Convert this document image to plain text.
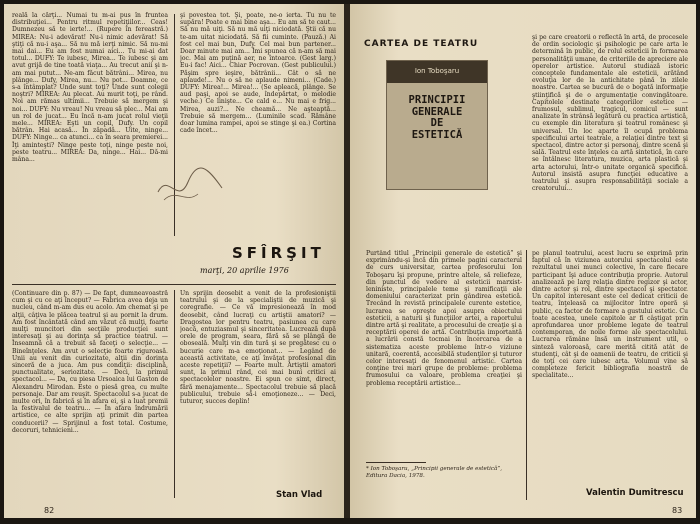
reală la cărţi... Numai tu m-ai pus în fruntea distribuţiei... Pentru ritmul repetiţiilor... Ceas! Dumnezeu să te ierte!... (Rupere în fereastră.) MIREA: Nu-i adevărat! Nu-i nimic adevărat! Să ştiţi că nu-i aşa... Să nu mă ierţi nimic. Să nu-mi mai dai... Eu am fost numai aici... Tu mi-ai dat totul... DUFY: Te iubesc, Mirea... Te iubesc şi am avut grijă de tine toată viaţa... Au trecut anii şi n-am mai putut... Ne-am făcut bătrâni... Mirea, nu plânge... Dufy, Mirea, nu... Nu pot... Doamne, ce s-a întâmplat? Unde sunt toţi? Unde sunt colegii noştri? MIREA: Au plecat. Au murit toţi, pe rând. Noi am rămas ultimii... Trebuie să mergem şi noi... DUFY: Nu vreau! Nu vreau să plec... Mai am un rol de jucat... Eu încă n-am jucat rolul vieţii mele... MIREA: Eşti un copil, Dufy. Un copil bătrân. Hai acasă... În zăpadă... Uite, ninge... DUFY: Ninge... ca atunci... ca în seara premierei... Îţi aminteşti? Ninge peste toţi, ninge peste noi, peste teatru... MIREA: Da, ninge... Hai... Dă-mi mâna...

şi povestea tot. Şi, poate, ne-o ierta. Tu nu te supăra! Poate e mai bine aşa... Eu am să te caut... Să nu mă uiţi. Să nu mă uiţi niciodată. Ştii că nu te-am uitat niciodată. Să fii cuminte. (Pauză.) Ai fost cel mai bun, Dufy. Cel mai bun partener... Doar minute mai am... Îmi spunea că n-am să mai joc. Mai am puţină aer, ne întoarce. (Gest larg.) Eu-i fac! Aici... Chiar Pocrovan. (Gest publicului.) Păşim spre ieşire, bătrânii... Cât o să ne aplaude!... Nu o să ne aplaude nimeni... (Cade.) DUFY: Mirea!... Mirea!... (Se apleacă, plânge. Se aud paşi, apoi se aude, îndepărtat, o melodie veche.) Ce linişte... Ce cald e... Nu mai e frig... Mirea, auzi?... Ne cheamă... Ne aşteaptă... Trebuie să mergem... (Luminile scad. Rămâne doar lumina rampei, apoi se stinge şi ea.) Cortina cade încet...

SFÎRŞIT
marţi, 20 aprilie 1976

(Continuare din p. 87) — De fapt, dumneavoastră cum şi cu ce aţi început? — Fabrica avea deja un nucleu, când m-am dus eu acolo. Am chemat şi pe alţii, câţiva le plăcea teatrul şi au pornit la drum. Am fost încântată când am văzut că mulţi, foarte mulţi muncitori din secţiile producţiei sunt interesaţi şi au dorinţa să practice teatrul. — Înseamnă că a trebuit să faceţi o selecţie... — Bineînţeles. Am avut o selecţie foarte riguroasă. Unii au venit din curiozitate, alţii din dorinţa sinceră de a juca. Am pus condiţii: disciplină, punctualitate, seriozitate. — Deci, la primul spectacol... — Da, cu piesa Ursoaica lui Gaston de Alexandru Mirodan. Este o piesă grea, cu multe personaje. Dar am reuşit. Spectacolul s-a jucat de multe ori, în fabrică şi în afara ei, şi a luat premii la festivalul de teatru... — În afara îndrumării artistice, ce alte sprijin aţi primit din partea conducerii? — Sprijinul a fost total. Costume, decoruri, tehnicieni...

Un sprijin deosebit a venit de la profesioniştii teatrului şi de la specialiştii de muzică şi coregrafie. — Ce vă impresionează în mod deosebit, când lucraţi cu artiştii amatori? — Dragostea lor pentru teatru, pasiunea cu care joacă, entuziasmul şi sinceritatea. Lucrează după orele de program, seara, fără să se plângă de oboseală. Mulţi vin din tură şi se pregătesc cu o bucurie care m-a emoţionat... — Legând de această activitate, ce aţi învăţat profesional din aceste repetiţii? — Foarte mult. Artiştii amatori sunt, la primul rând, cei mai buni critici ai spectacolelor noastre. Ei spun ce simt, direct, fără menajamente... Spectacolul trebuie să placă publicului, trebuie să-i emoţioneze... — Deci, tuturor, succes deplin!

Stan Vlad
82
CARTEA DE TEATRU
Ion Toboşaru
PRINCIPII
GENERALE
DE
ESTETICĂ

şi pe care creatorii o reflectă în artă, de procesele de ordin sociologic şi psihologic pe care arta le determină în public, de rolul esteticii în formarea personalităţii umane, de criteriile de apreciere ale operelor artistice. Autorul studiază istoric conceptele fundamentale ale esteticii, arătând evoluţia lor de la antichitate până în zilele noastre. Cartea se bucură de o bogată informaţie ştiinţifică şi de o argumentaţie convingătoare. Capitolele destinate categoriilor estetice — frumosul, sublimul, tragicul, comicul — sunt analizate în strânsă legătură cu practica artistică, cu exemple din literatura şi teatrul românesc şi universal. Un loc aparte îl ocupă problema specificului artei teatrale, a relaţiei dintre text şi spectacol, dintre actor şi personaj, dintre scenă şi sală. Teatrul este înţeles ca artă sintetică, în care se întâlnesc literatura, muzica, arta plastică şi arta actorului, într-o unitate organică specifică. Autorul insistă asupra funcţiei educative a teatrului şi asupra responsabilităţii sociale a creatorului...

Purtând titlul „Principii generale de estetică” şi exprimându-şi încă din primele pagini caracterul de curs universitar, cartea profesorului Ion Toboşaru îşi propune, printre altele, să reliefeze, din punctul de vedere al esteticii marxist-leniniste, principalele teme şi ramificaţii ale domeniului caracterizat prin gândirea estetică. Trecând în revistă principalele curente estetice, lucrarea se opreşte apoi asupra obiectului esteticii, a naturii şi funcţiilor artei, a raportului dintre artă şi realitate, a procesului de creaţie şi a receptării operei de artă. Contribuţia importantă a lucrării constă tocmai în încercarea de a sistematiza aceste probleme într-o viziune unitară, coerentă, accesibilă studenţilor şi tuturor celor interesaţi de fenomenul artistic. Cartea conţine trei mari grupe de probleme: problema frumosului ca valoare, problema creaţiei şi problema receptării artistice...

pe planul teatrului, acest lucru se exprimă prin faptul că în viziunea autorului spectacolul este rezultatul unei munci colective, în care fiecare participant îşi aduce contribuţia proprie. Autorul analizează pe larg relaţia dintre regizor şi actor, dintre actor şi rol, dintre spectacol şi spectator. Un capitol interesant este cel dedicat criticii de teatru, înţeleasă ca mijlocitor între operă şi public, ca factor de formare a gustului estetic. Cu toate acestea, unele capitole ar fi câştigat prin aprofundarea unor probleme legate de teatrul contemporan, de noile forme ale spectacolului. Lucrarea rămâne însă un instrument util, o sinteză valoroasă, care merită citită atât de studenţi, cât şi de oamenii de teatru, de criticii şi de toţi cei care iubesc arta. Volumul vine să completeze fericit bibliografia noastră de specialitate...

* Ion Toboşaru, „Principii generale de estetică”, Editura Dacia, 1978.
Valentin Dumitrescu
83
